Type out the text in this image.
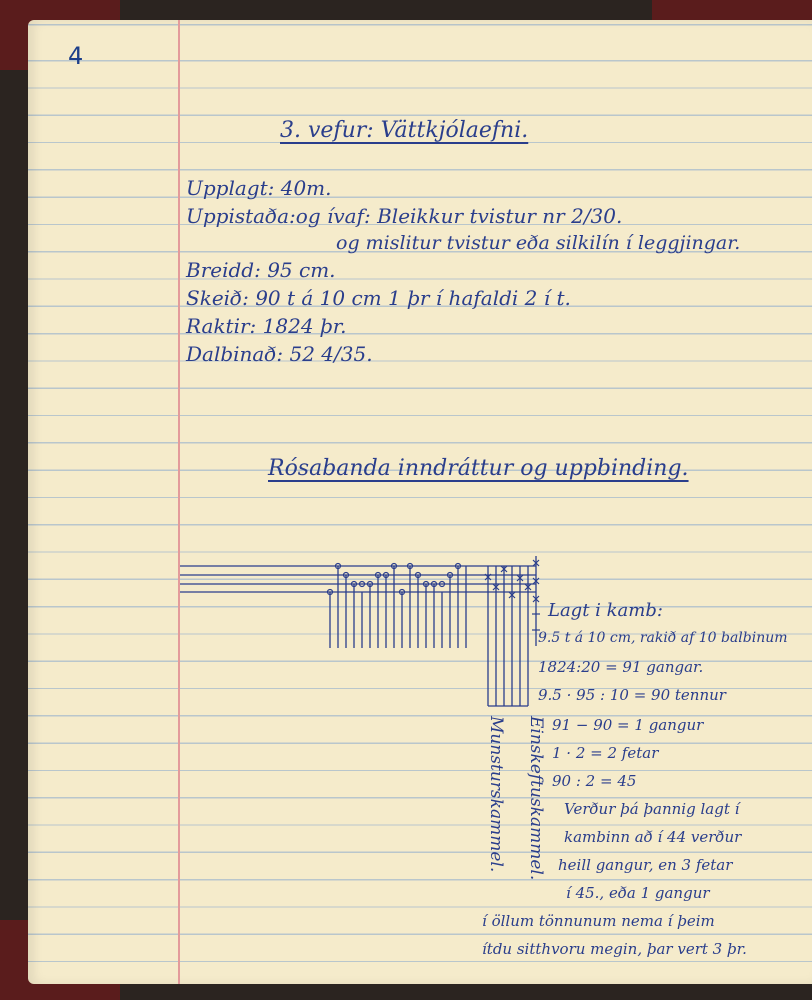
4
3. vefur: Vättkjólaefni.
Upplagt: 40m.
Uppistaða:og ívaf: Bleikkur tvistur nr 2/30.
og mislitur tvistur eða silkilín í leggjingar.
Breidd: 95 cm.
Skeið: 90 t á 10 cm 1 þr í hafaldi 2 í t.
Raktir: 1824 þr.
Dalbinað: 52 4/35.
Rósabanda inndráttur og uppbinding.
Munsturskammel. Einskeftuskammel.
Lagt i kamb:
9.5 t á 10 cm, rakið af 10 balbinum
1824:20 = 91 gangar.
9.5 · 95 : 10 = 90 tennur
91 − 90 = 1 gangur
1 · 2 = 2 fetar
90 : 2 = 45
Verður þá þannig lagt í
kambinn að í 44 verður
heill gangur, en 3 fetar
í 45., eða 1 gangur
í öllum tönnunum nema í þeim
ítdu sitthvoru megin, þar vert 3 þr.
